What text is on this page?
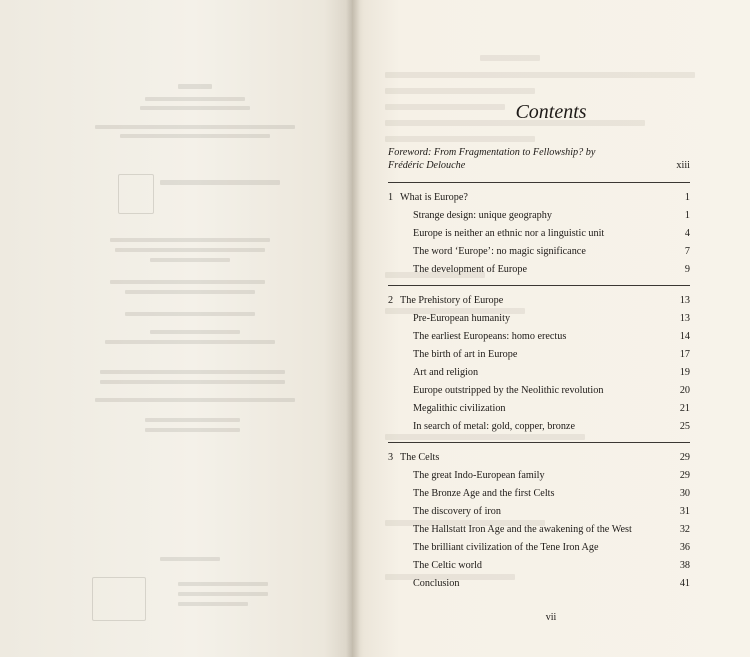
Contents
Foreword: From Fragmentation to Fellowship? by
Frédéric Delouche	xiii
1 What is Europe?	1
Strange design: unique geography	1
Europe is neither an ethnic nor a linguistic unit	4
The word ‘Europe’: no magic significance	7
The development of Europe	9
2 The Prehistory of Europe	13
Pre-European humanity	13
The earliest Europeans: homo erectus	14
The birth of art in Europe	17
Art and religion	19
Europe outstripped by the Neolithic revolution	20
Megalithic civilization	21
In search of metal: gold, copper, bronze	25
3 The Celts	29
The great Indo-European family	29
The Bronze Age and the first Celts	30
The discovery of iron	31
The Hallstatt Iron Age and the awakening of the West	32
The brilliant civilization of the Tene Iron Age	36
The Celtic world	38
Conclusion	41
vii
